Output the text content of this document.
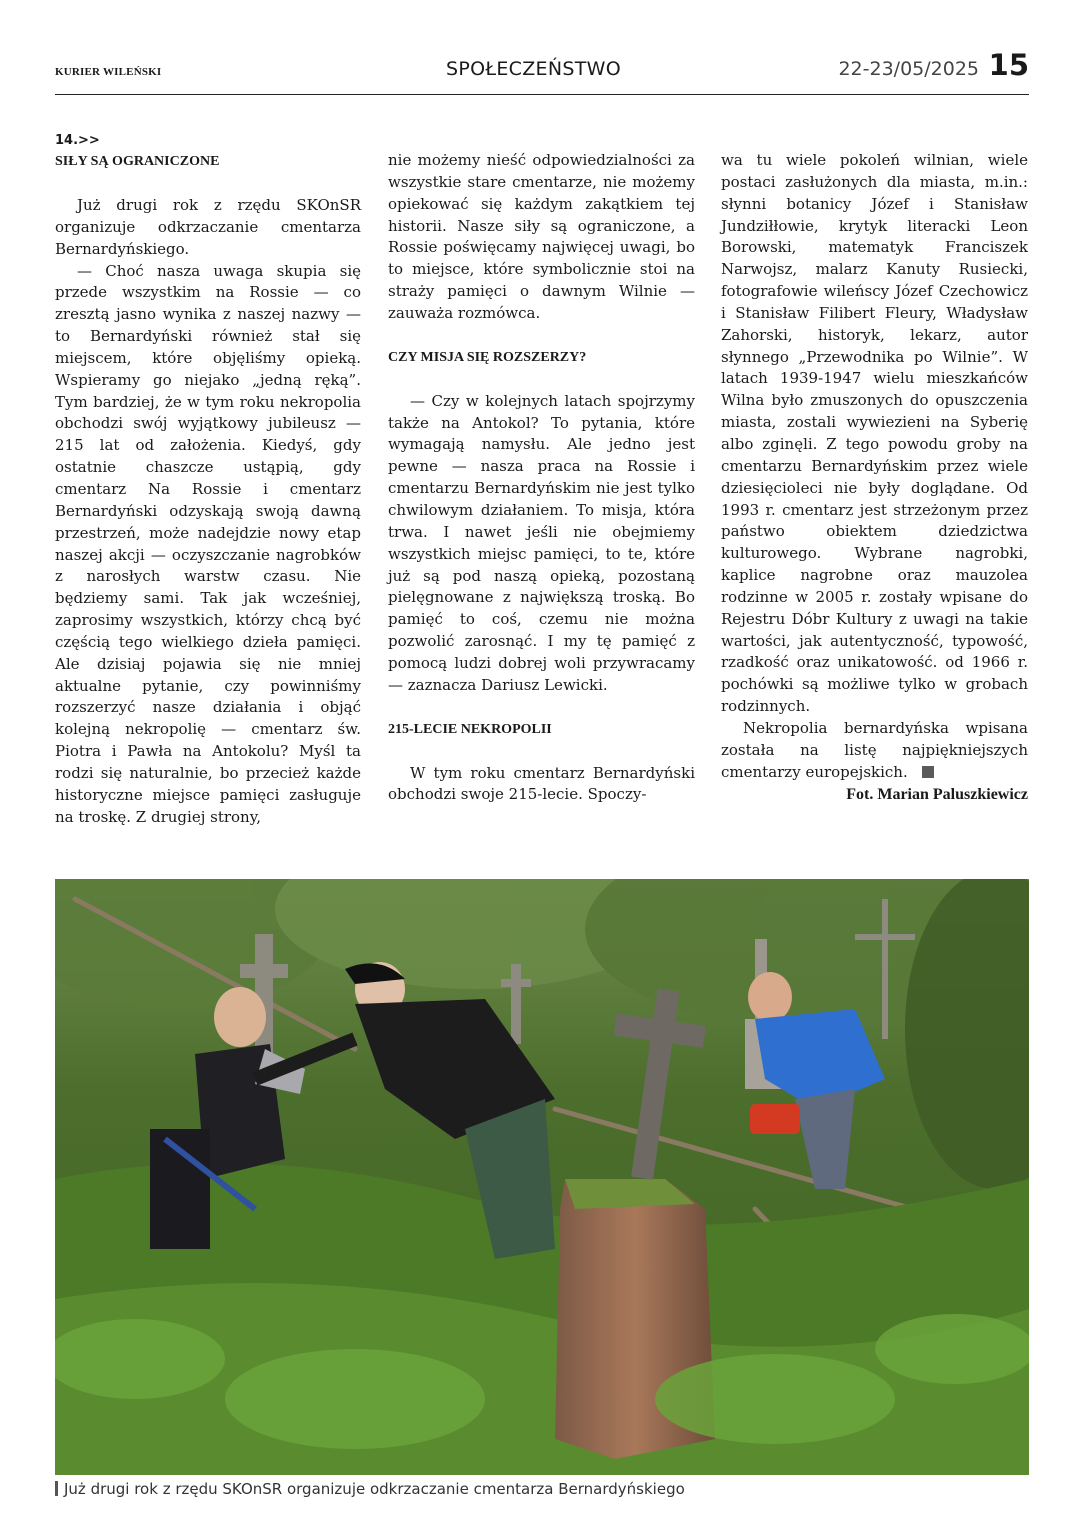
KURIER WILEŃSKI	SPOŁECZEŃSTWO	22-23/05/2025 15
14.>>
SIŁY SĄ OGRANICZONE

Już drugi rok z rzędu SKOnSR organizuje odkrzaczanie cmentarza Bernardyńskiego.

— Choć nasza uwaga skupia się przede wszystkim na Rossie — co zresztą jasno wynika z naszej nazwy — to Bernardyński również stał się miejscem, które objęliśmy opieką. Wspieramy go niejako „jedną ręką”. Tym bardziej, że w tym roku nekropolia obchodzi swój wyjątkowy jubileusz — 215 lat od założenia. Kiedyś, gdy ostatnie chaszcze ustąpią, gdy cmentarz Na Rossie i cmentarz Bernardyński odzyskają swoją dawną przestrzeń, może nadejdzie nowy etap naszej akcji — oczyszczanie nagrobków z narosłych warstw czasu. Nie będziemy sami. Tak jak wcześniej, zaprosimy wszystkich, którzy chcą być częścią tego wielkiego dzieła pamięci. Ale dzisiaj pojawia się nie mniej aktualne pytanie, czy powinniśmy rozszerzyć nasze działania i objąć kolejną nekropolię — cmentarz św. Piotra i Pawła na Antokolu? Myśl ta rodzi się naturalnie, bo przecież każde historyczne miejsce pamięci zasługuje na troskę. Z drugiej strony,

nie możemy nieść odpowiedzialności za wszystkie stare cmentarze, nie możemy opiekować się każdym zakątkiem tej historii. Nasze siły są ograniczone, a Rossie poświęcamy najwięcej uwagi, bo to miejsce, które symbolicznie stoi na straży pamięci o dawnym Wilnie — zauważa rozmówca.
CZY MISJA SIĘ ROZSZERZY?

— Czy w kolejnych latach spojrzymy także na Antokol? To pytania, które wymagają namysłu. Ale jedno jest pewne — nasza praca na Rossie i cmentarzu Bernardyńskim nie jest tylko chwilowym działaniem. To misja, która trwa. I nawet jeśli nie obejmiemy wszystkich miejsc pamięci, to te, które już są pod naszą opieką, pozostaną pielęgnowane z największą troską. Bo pamięć to coś, czemu nie można pozwolić zarosnąć. I my tę pamięć z pomocą ludzi dobrej woli przywracamy — zaznacza Dariusz Lewicki.

215-LECIE NEKROPOLII

W tym roku cmentarz Bernardyński obchodzi swoje 215-lecie. Spoczy-

wa tu wiele pokoleń wilnian, wiele postaci zasłużonych dla miasta, m.in.: słynni botanicy Józef i Stanisław Jundziłłowie, krytyk literacki Leon Borowski, matematyk Franciszek Narwojsz, malarz Kanuty Rusiecki, fotografowie wileńscy Józef Czechowicz i Stanisław Filibert Fleury, Władysław Zahorski, historyk, lekarz, autor słynnego „Przewodnika po Wilnie”. W latach 1939-1947 wielu mieszkańców Wilna było zmuszonych do opuszczenia miasta, zostali wywiezieni na Syberię albo zginęli. Z tego powodu groby na cmentarzu Bernardyńskim przez wiele dziesięcioleci nie były doglądane. Od 1993 r. cmentarz jest strzeżonym przez państwo obiektem dziedzictwa kulturowego. Wybrane nagrobki, kaplice nagrobne oraz mauzolea rodzinne w 2005 r. zostały wpisane do Rejestru Dóbr Kultury z uwagi na takie wartości, jak autentyczność, typowość, rzadkość oraz unikatowość. od 1966 r. pochówki są możliwe tylko w grobach rodzinnych.

Nekropolia bernardyńska wpisana została na listę najpiękniejszych cmentarzy europejskich.

Fot. Marian Paluszkiewicz
Już drugi rok z rzędu SKOnSR organizuje odkrzaczanie cmentarza Bernardyńskiego
